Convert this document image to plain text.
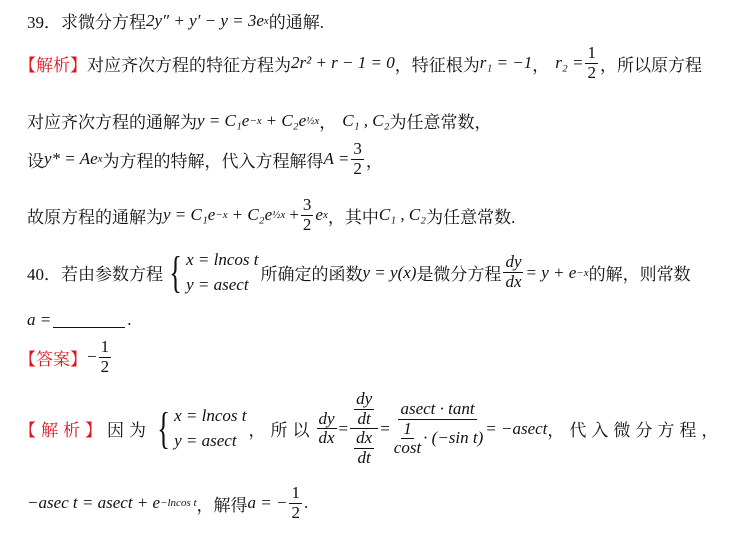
39． 求微分方程 2y″ + y′ − y = 3e x 的通解.
【解析】 对应齐次方程的特征方程为 2r² + r − 1 = 0 ，特征根为 r₁ = −1 ， $r_2 = \frac{1}{2}$ ，所以原方程
对应齐次方程的通解为 y = C₁e −x + C₂e ½x ， C₁ , C₂ 为任意常数，
设 y* = Ae x 为方程的特解，代入方程解得 $A = \frac{3}{2}$ ，
故原方程的通解为 y = C₁e −x + C₂e ½x + $\frac{3}{2}$ e x ，其中 C₁ , C₂ 为任意常数.
40． 若由参数方程 { x = lncos t
y = asect 所确定的函数 y = y(x) 是微分方程 $\frac{dy}{dx} = y + e -x$ 的解，则常数
a =	.
【答案】 − $\frac{1}{2}$
【解析】 因为 { x = lncos t
y = asect ，所以 $\frac{dy}{dx} = \frac{\frac{dy}{dt}}{\frac{dx}{dt}} = \frac{asect \cdot \tan t}{\frac{1}{\cos t} \cdot (-\sin t)} = -asect$ ，代入微分方程，
−asec t = asect + e −lncos t ，解得 a = − $\frac{1}{2}$ .
